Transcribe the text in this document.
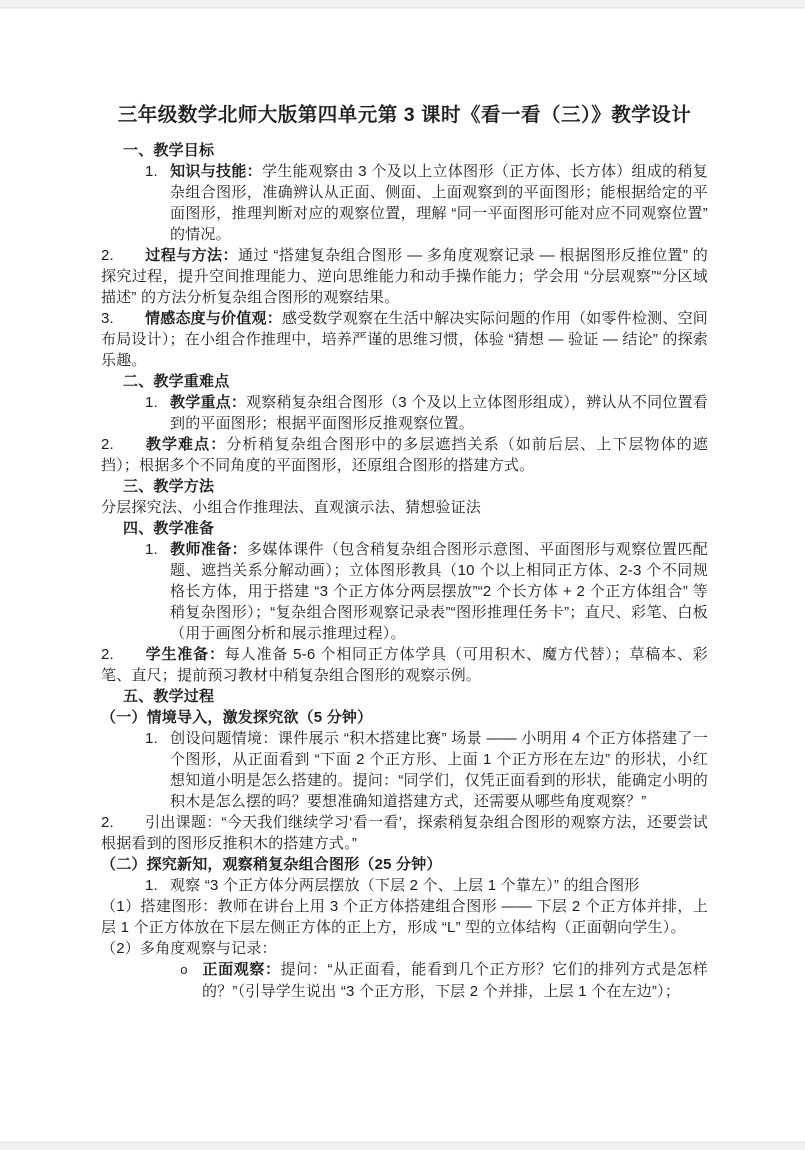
三年级数学北师大版第四单元第 3 课时《看一看（三）》教学设计
一、教学目标

1. 知识与技能：学生能观察由 3 个及以上立体图形（正方体、长方体）组成的稍复杂组合图形，准确辨认从正面、侧面、上面观察到的平面图形；能根据给定的平面图形，推理判断对应的观察位置，理解 “同一平面图形可能对应不同观察位置” 的情况。

2. 过程与方法：通过 “搭建复杂组合图形 — 多角度观察记录 — 根据图形反推位置” 的探究过程，提升空间推理能力、逆向思维能力和动手操作能力；学会用 “分层观察”“分区域描述” 的方法分析复杂组合图形的观察结果。

3. 情感态度与价值观：感受数学观察在生活中解决实际问题的作用（如零件检测、空间布局设计）；在小组合作推理中，培养严谨的思维习惯，体验 “猜想 — 验证 — 结论” 的探索乐趣。

二、教学重难点

1. 教学重点：观察稍复杂组合图形（3 个及以上立体图形组成），辨认从不同位置看到的平面图形；根据平面图形反推观察位置。

2. 教学难点：分析稍复杂组合图形中的多层遮挡关系（如前后层、上下层物体的遮挡）；根据多个不同角度的平面图形，还原组合图形的搭建方式。

三、教学方法

分层探究法、小组合作推理法、直观演示法、猜想验证法

四、教学准备

1. 教师准备：多媒体课件（包含稍复杂组合图形示意图、平面图形与观察位置匹配题、遮挡关系分解动画）；立体图形教具（10 个以上相同正方体、2-3 个不同规格长方体，用于搭建 “3 个正方体分两层摆放”“2 个长方体 + 2 个正方体组合” 等稍复杂图形）；“复杂组合图形观察记录表”“图形推理任务卡”；直尺、彩笔、白板（用于画图分析和展示推理过程）。

2. 学生准备：每人准备 5-6 个相同正方体学具（可用积木、魔方代替）；草稿本、彩笔、直尺；提前预习教材中稍复杂组合图形的观察示例。

五、教学过程
（一）情境导入，激发探究欲（5 分钟）

1. 创设问题情境：课件展示 “积木搭建比赛” 场景 —— 小明用 4 个正方体搭建了一个图形，从正面看到 “下面 2 个正方形、上面 1 个正方形在左边” 的形状，小红想知道小明是怎么搭建的。提问：“同学们，仅凭正面看到的形状，能确定小明的积木是怎么摆的吗？要想准确知道搭建方式，还需要从哪些角度观察？”

2. 引出课题：“今天我们继续学习‘看一看’，探索稍复杂组合图形的观察方法，还要尝试根据看到的图形反推积木的搭建方式。”

（二）探究新知，观察稍复杂组合图形（25 分钟）

1. 观察 “3 个正方体分两层摆放（下层 2 个、上层 1 个靠左）” 的组合图形

（1）搭建图形：教师在讲台上用 3 个正方体搭建组合图形 —— 下层 2 个正方体并排，上层 1 个正方体放在下层左侧正方体的正上方，形成 “L” 型的立体结构（正面朝向学生）。

（2）多角度观察与记录：

o 正面观察：提问：“从正面看，能看到几个正方形？它们的排列方式是怎样的？”（引导学生说出 “3 个正方形，下层 2 个并排，上层 1 个在左边”）；
